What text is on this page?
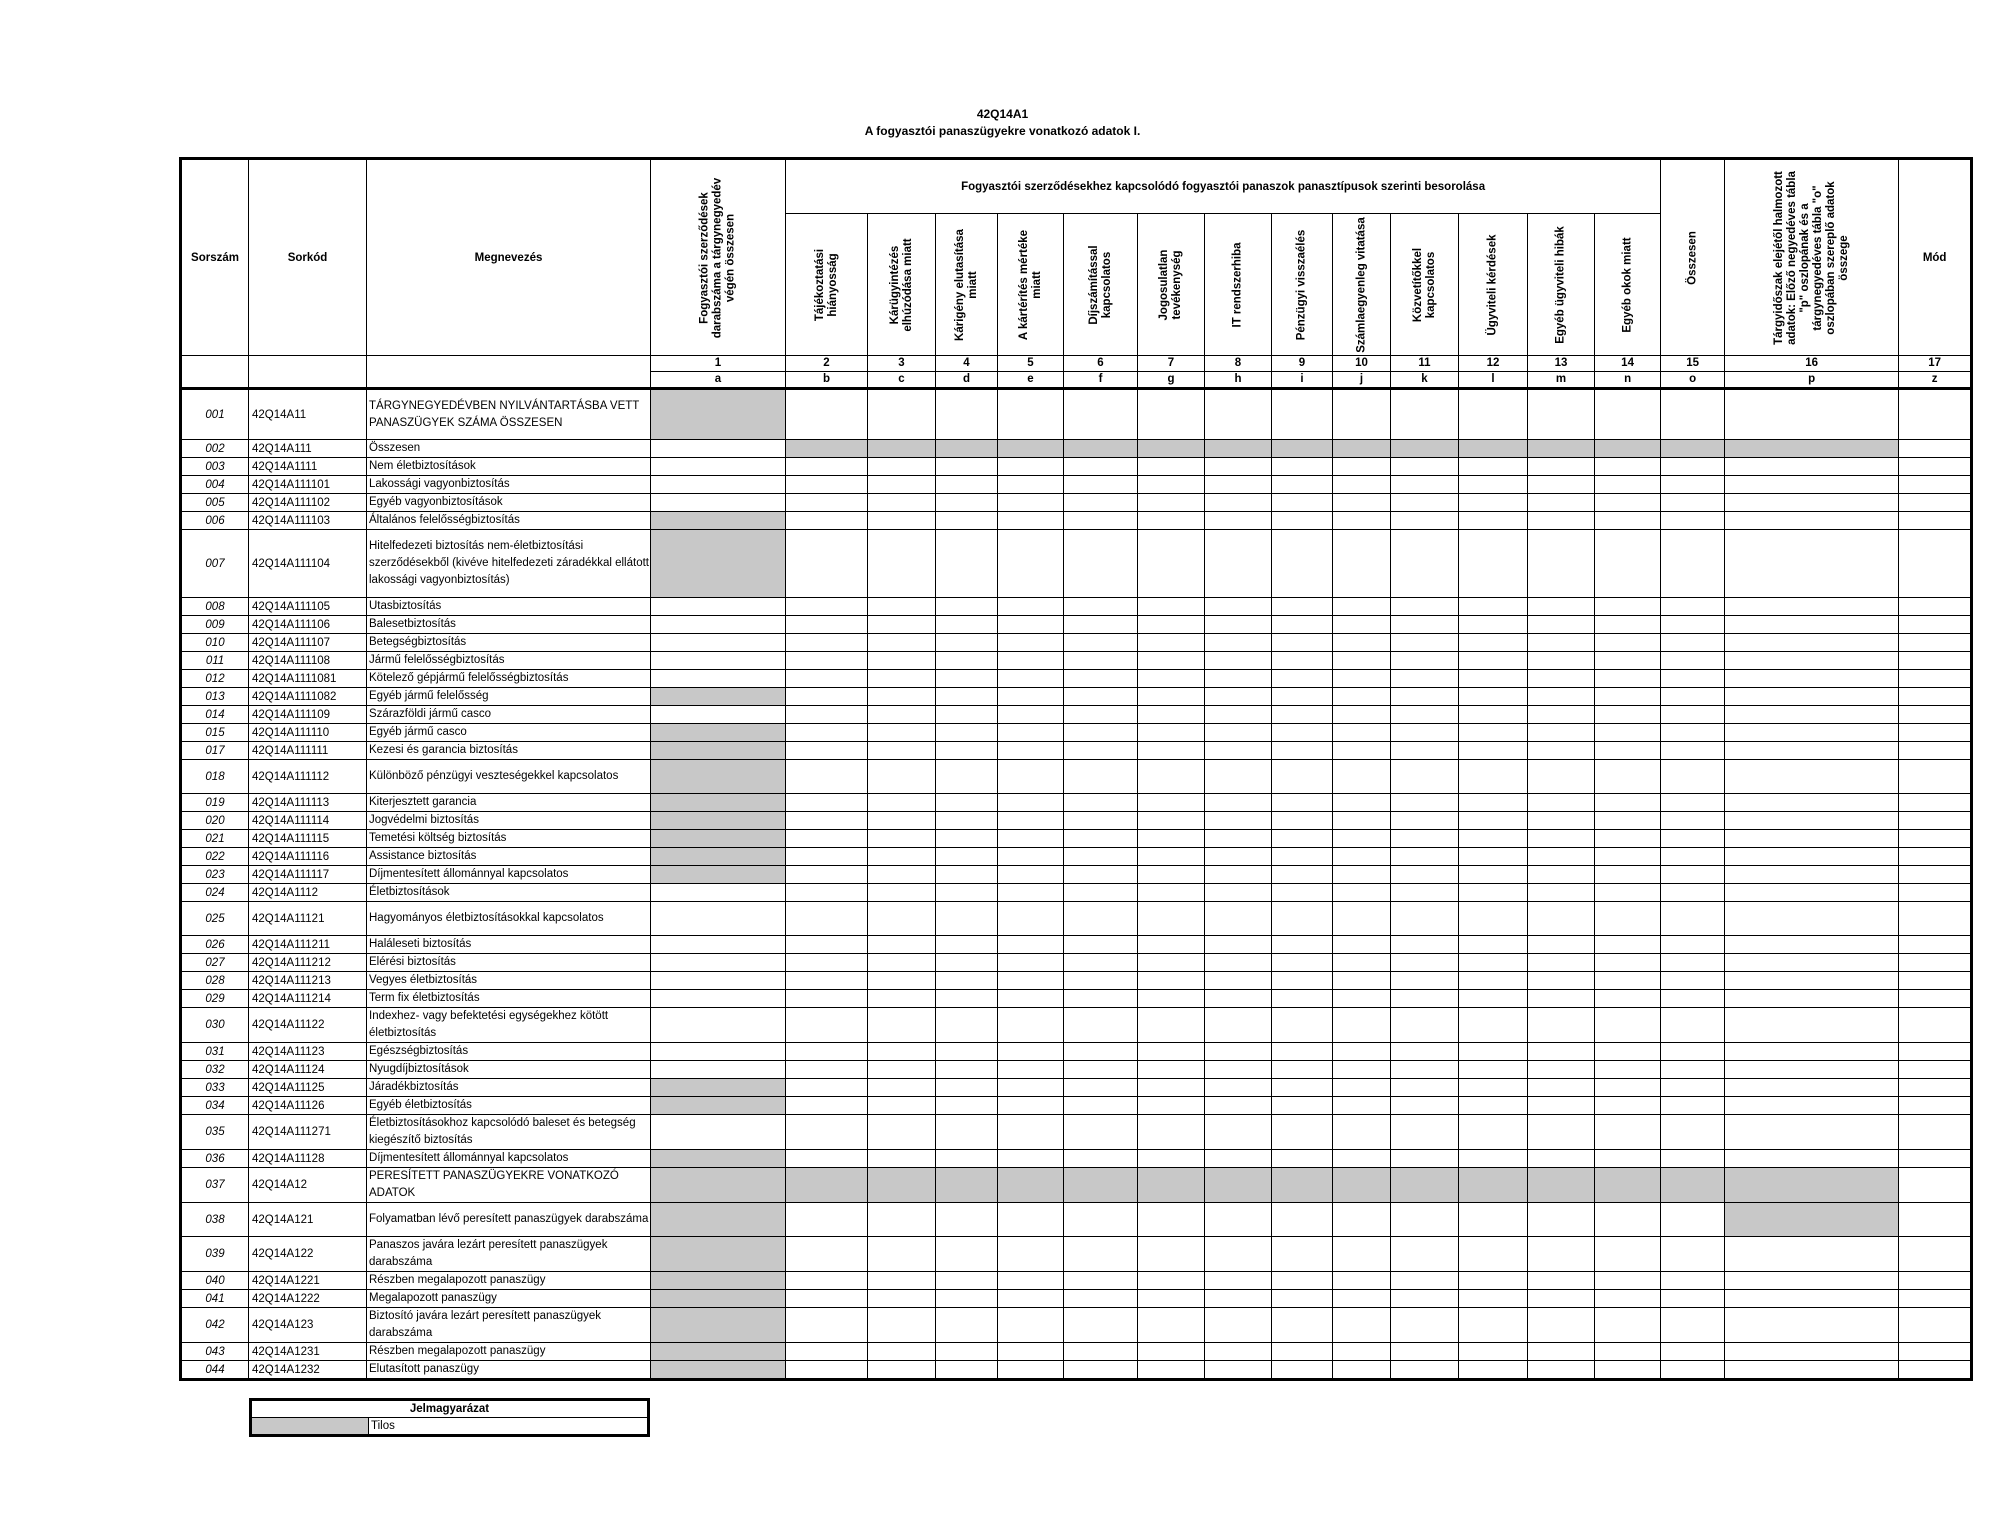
42Q14A1
A fogyasztói panaszügyekre vonatkozó adatok I.
Sorszám	Sorkód	Megnevezés	Fogyasztói szerződések darabszáma a tárgynegyedév végén összesen	Fogyasztói szerződésekhez kapcsolódó fogyasztói panaszok panasztípusok szerinti besorolása													Összesen	Tárgyidőszak elejétől halmozott adatok: Előző negyedéves tábla "p" oszlopának és a tárgynegyedéves tábla "o" oszlopában szereplő adatok összege	Mód

				Tájékoztatási hiányosság	Kárügyintézés elhúzódása miatt	Kárigény elutasítása miatt	A kártérítés mértéke miatt	Díjszámítással kapcsolatos	Jogosulatlan tevékenység	IT rendszerhiba	Pénzügyi visszaélés	Számlaegyenleg vitatása	Közvetítőkkel kapcsolatos	Ügyviteli kérdések	Egyéb ügyviteli hibák	Egyéb okok miatt			

			1	2	3	4	5	6	7	8	9	10	11	12	13	14	15	16	17
			a	b	c	d	e	f	g	h	i	j	k	l	m	n	o	p	z
001	42Q14A11	TÁRGYNEGYEDÉVBEN NYILVÁNTARTÁSBA VETT PANASZÜGYEK SZÁMA ÖSSZESEN																	
002	42Q14A111	Összesen																	
003	42Q14A1111	Nem életbiztosítások																	
004	42Q14A111101	Lakossági vagyonbiztosítás																	
005	42Q14A111102	Egyéb vagyonbiztosítások																	
006	42Q14A111103	Általános felelősségbiztosítás																	
007	42Q14A111104	Hitelfedezeti biztosítás nem-életbiztosítási szerződésekből (kivéve hitelfedezeti záradékkal ellátott lakossági vagyonbiztosítás)																	
008	42Q14A111105	Utasbiztosítás																	
009	42Q14A111106	Balesetbiztosítás																	
010	42Q14A111107	Betegségbiztosítás																	
011	42Q14A111108	Jármű felelősségbiztosítás																	
012	42Q14A1111081	Kötelező gépjármű felelősségbiztosítás																	
013	42Q14A1111082	Egyéb jármű felelősség																	
014	42Q14A111109	Szárazföldi jármű casco																	
015	42Q14A111110	Egyéb jármű casco																	
017	42Q14A111111	Kezesi és garancia biztosítás																	
018	42Q14A111112	Különböző pénzügyi veszteségekkel kapcsolatos																	
019	42Q14A111113	Kiterjesztett garancia																	
020	42Q14A111114	Jogvédelmi biztosítás																	
021	42Q14A111115	Temetési költség biztosítás																	
022	42Q14A111116	Assistance biztosítás																	
023	42Q14A111117	Díjmentesített állománnyal kapcsolatos																	
024	42Q14A1112	Életbiztosítások																	
025	42Q14A11121	Hagyományos életbiztosításokkal kapcsolatos																	
026	42Q14A111211	Haláleseti biztosítás																	
027	42Q14A111212	Elérési biztosítás																	
028	42Q14A111213	Vegyes életbiztosítás																	
029	42Q14A111214	Term fix életbiztosítás																	
030	42Q14A11122	Indexhez- vagy befektetési egységekhez kötött életbiztosítás																	
031	42Q14A11123	Egészségbiztosítás																	
032	42Q14A11124	Nyugdíjbiztosítások																	
033	42Q14A11125	Járadékbiztosítás																	
034	42Q14A11126	Egyéb életbiztosítás																	
035	42Q14A111271	Életbiztosításokhoz kapcsolódó baleset és betegség kiegészítő biztosítás																	
036	42Q14A11128	Díjmentesített állománnyal kapcsolatos																	
037	42Q14A12	PERESÍTETT PANASZÜGYEKRE VONATKOZÓ ADATOK																	
038	42Q14A121	Folyamatban lévő peresített panaszügyek darabszáma																	
039	42Q14A122	Panaszos javára lezárt peresített panaszügyek darabszáma																	
040	42Q14A1221	Részben megalapozott panaszügy																	
041	42Q14A1222	Megalapozott panaszügy																	
042	42Q14A123	Biztosító javára lezárt peresített panaszügyek darabszáma																	
043	42Q14A1231	Részben megalapozott panaszügy																	
044	42Q14A1232	Elutasított panaszügy																	
Jelmagyarázat
	Tilos
